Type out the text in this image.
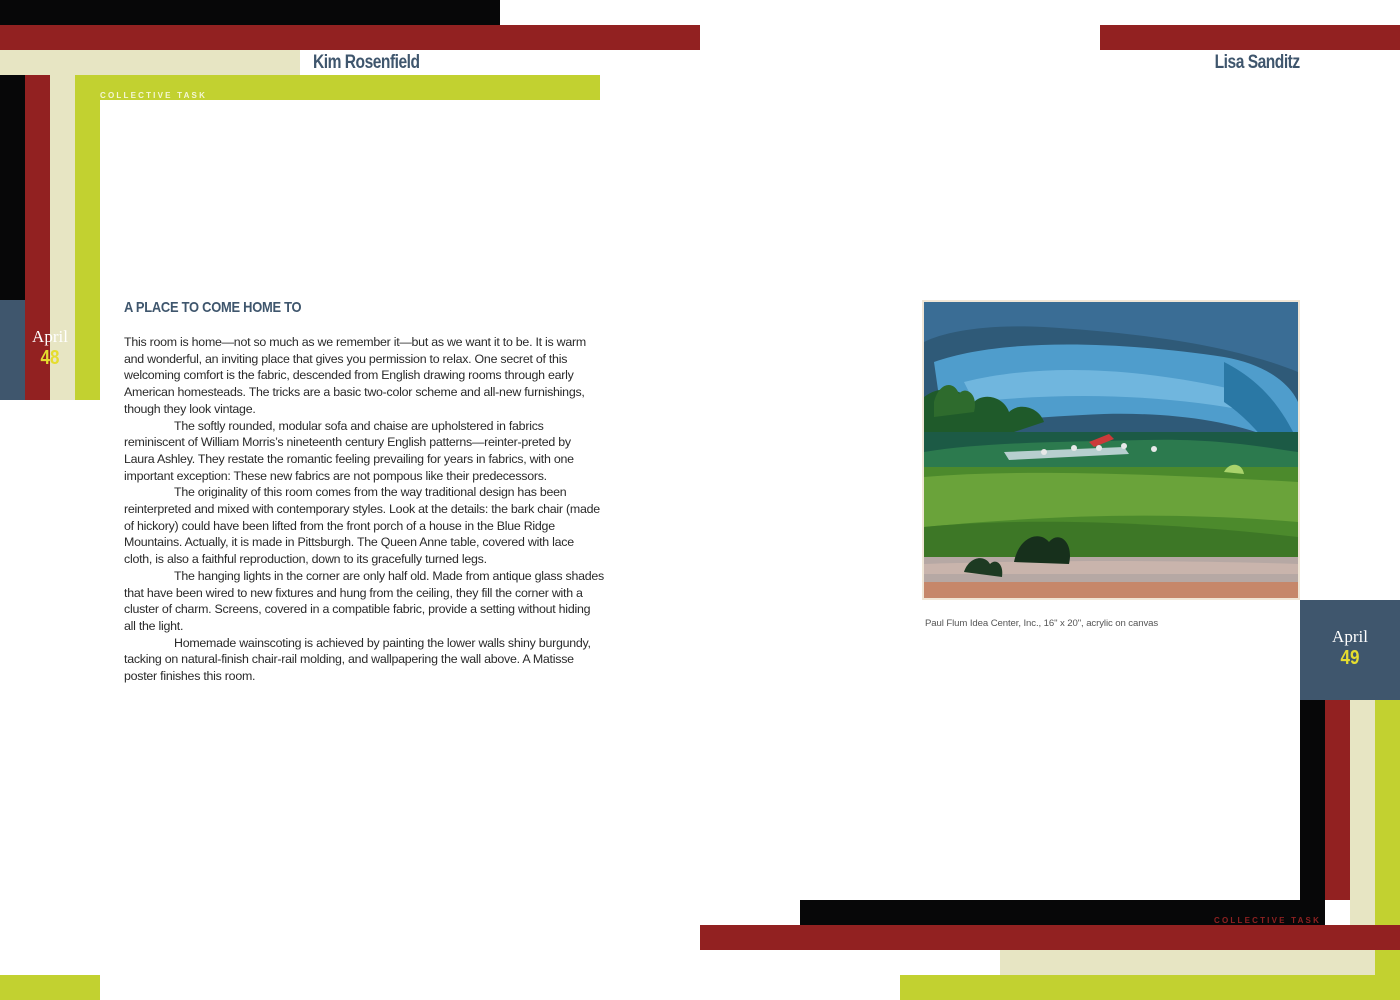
Kim Rosenfield
COLLECTIVE TASK
April
48
A PLACE TO COME HOME TO

This room is home—not so much as we remember it—but as we want it to be. It is warm and wonderful, an inviting place that gives you permission to relax. One secret of this welcoming comfort is the fabric, descended from English drawing rooms through early American homesteads. The tricks are a basic two-color scheme and all-new furnishings, though they look vintage.

The softly rounded, modular sofa and chaise are upholstered in fabrics reminiscent of William Morris’s nineteenth century English patterns—reinter-preted by Laura Ashley. They restate the romantic feeling prevailing for years in fabrics, with one important exception: These new fabrics are not pompous like their predecessors.

The originality of this room comes from the way traditional design has been reinterpreted and mixed with contemporary styles. Look at the details: the bark chair (made of hickory) could have been lifted from the front porch of a house in the Blue Ridge Mountains. Actually, it is made in Pittsburgh. The Queen Anne table, covered with lace cloth, is also a faithful reproduction, down to its gracefully turned legs.

The hanging lights in the corner are only half old. Made from antique glass shades that have been wired to new fixtures and hung from the ceiling, they fill the corner with a cluster of charm. Screens, covered in a compatible fabric, provide a setting without hiding all the light.

Homemade wainscoting is achieved by painting the lower walls shiny burgundy, tacking on natural-finish chair-rail molding, and wallpapering the wall above. A Matisse poster finishes this room.

Lisa Sanditz
April
49
COLLECTIVE TASK
Paul Flum Idea Center, Inc., 16" x 20", acrylic on canvas
